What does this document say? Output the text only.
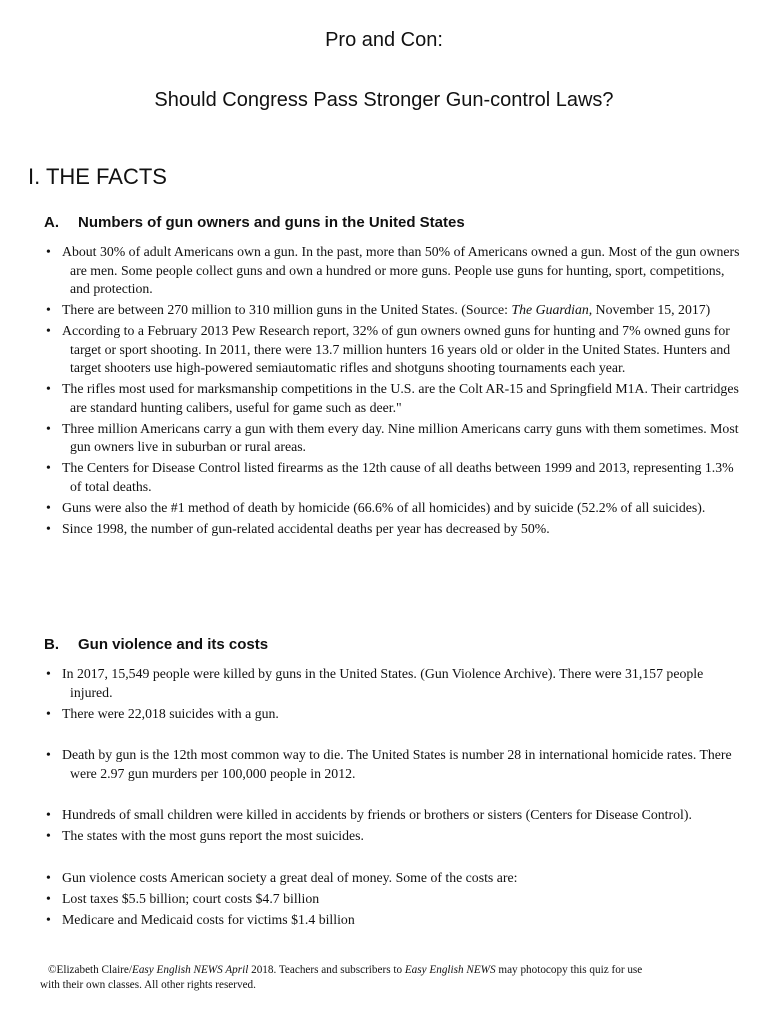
Pro and Con:
Should Congress Pass Stronger Gun-control Laws?
I. THE FACTS
A. Numbers of gun owners and guns in the United States
• About 30% of adult Americans own a gun. In the past, more than 50% of Americans owned a gun. Most of the gun owners are men. Some people collect guns and own a hundred or more guns. People use guns for hunting, sport, competitions, and protection.
• There are between 270 million to 310 million guns in the United States. (Source: The Guardian, November 15, 2017)
• According to a February 2013 Pew Research report, 32% of gun owners owned guns for hunting and 7% owned guns for target or sport shooting. In 2011, there were 13.7 million hunters 16 years old or older in the United States. Hunters and target shooters use high-powered semiautomatic rifles and shotguns shooting tournaments each year.
• The rifles most used for marksmanship competitions in the U.S. are the Colt AR-15 and Springfield M1A. Their cartridges are standard hunting calibers, useful for game such as deer."
• Three million Americans carry a gun with them every day. Nine million Americans carry guns with them sometimes. Most gun owners live in suburban or rural areas.
• The Centers for Disease Control listed firearms as the 12th cause of all deaths between 1999 and 2013, representing 1.3% of total deaths.
• Guns were also the #1 method of death by homicide (66.6% of all homicides) and by suicide (52.2% of all suicides).
• Since 1998, the number of gun-related accidental deaths per year has decreased by 50%.
B. Gun violence and its costs
• In 2017, 15,549 people were killed by guns in the United States. (Gun Violence Archive). There were 31,157 people injured.
• There were 22,018 suicides with a gun.
• Death by gun is the 12th most common way to die. The United States is number 28 in international homicide rates. There were 2.97 gun murders per 100,000 people in 2012.
• Hundreds of small children were killed in accidents by friends or brothers or sisters (Centers for Disease Control).
• The states with the most guns report the most suicides.
• Gun violence costs American society a great deal of money. Some of the costs are:
• Lost taxes $5.5 billion; court costs $4.7 billion
• Medicare and Medicaid costs for victims $1.4 billion
©Elizabeth Claire/Easy English NEWS April 2018. Teachers and subscribers to Easy English NEWS may photocopy this quiz for use
with their own classes. All other rights reserved.
